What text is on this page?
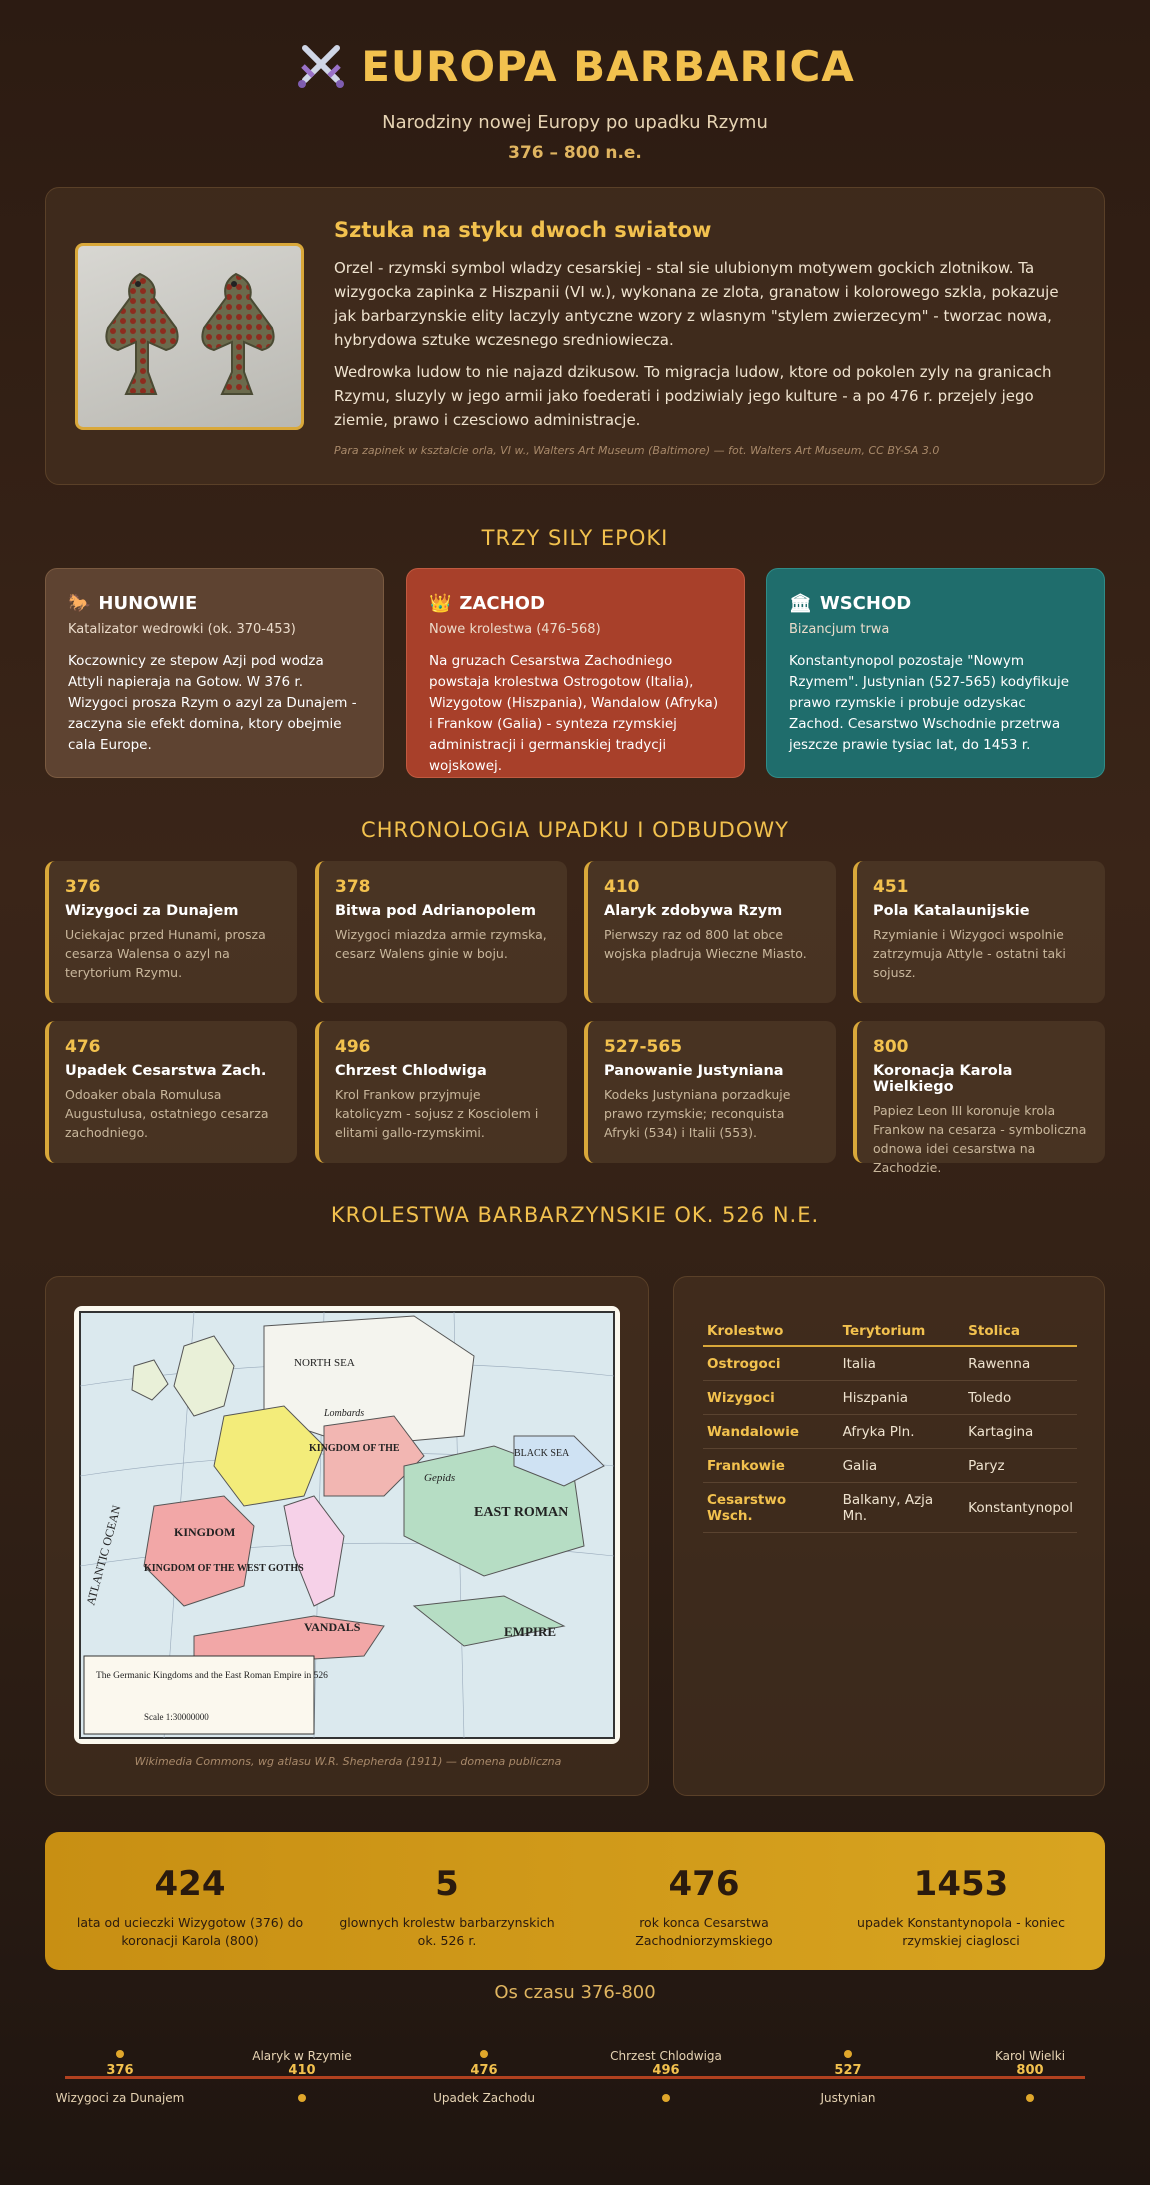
EUROPA BARBARICA
Narodziny nowej Europy po upadku Rzymu
376 – 800 n.e.
Sztuka na styku dwoch swiatow

Orzel - rzymski symbol wladzy cesarskiej - stal sie ulubionym motywem gockich zlotnikow. Ta wizygocka zapinka z Hiszpanii (VI w.), wykonana ze zlota, granatow i kolorowego szkla, pokazuje jak barbarzynskie elity laczyly antyczne wzory z wlasnym "stylem zwierzecym" - tworzac nowa, hybrydowa sztuke wczesnego sredniowiecza.

Wedrowka ludow to nie najazd dzikusow. To migracja ludow, ktore od pokolen zyly na granicach Rzymu, sluzyly w jego armii jako foederati i podziwialy jego kulture - a po 476 r. przejely jego ziemie, prawo i czesciowo administracje.

Para zapinek w ksztalcie orla, VI w., Walters Art Museum (Baltimore) — fot. Walters Art Museum, CC BY-SA 3.0
TRZY SILY EPOKI
🐎 HUNOWIE
Katalizator wedrowki (ok. 370-453)
Koczownicy ze stepow Azji pod wodza Attyli napieraja na Gotow. W 376 r. Wizygoci prosza Rzym o azyl za Dunajem - zaczyna sie efekt domina, ktory obejmie cala Europe.
👑 ZACHOD
Nowe krolestwa (476-568)
Na gruzach Cesarstwa Zachodniego powstaja krolestwa Ostrogotow (Italia), Wizygotow (Hiszpania), Wandalow (Afryka) i Frankow (Galia) - synteza rzymskiej administracji i germanskiej tradycji wojskowej.
🏛 WSCHOD
Bizancjum trwa
Konstantynopol pozostaje "Nowym Rzymem". Justynian (527-565) kodyfikuje prawo rzymskie i probuje odzyskac Zachod. Cesarstwo Wschodnie przetrwa jeszcze prawie tysiac lat, do 1453 r.
CHRONOLOGIA UPADKU I ODBUDOWY
376
Wizygoci za Dunajem
Uciekajac przed Hunami, prosza cesarza Walensa o azyl na terytorium Rzymu.
378
Bitwa pod Adrianopolem
Wizygoci miazdza armie rzymska, cesarz Walens ginie w boju.
410
Alaryk zdobywa Rzym
Pierwszy raz od 800 lat obce wojska pladruja Wieczne Miasto.
451
Pola Katalaunijskie
Rzymianie i Wizygoci wspolnie zatrzymuja Attyle - ostatni taki sojusz.
476
Upadek Cesarstwa Zach.
Odoaker obala Romulusa Augustulusa, ostatniego cesarza zachodniego.
496
Chrzest Chlodwiga
Krol Frankow przyjmuje katolicyzm - sojusz z Kosciolem i elitami gallo-rzymskimi.
527-565
Panowanie Justyniana
Kodeks Justyniana porzadkuje prawo rzymskie; reconquista Afryki (534) i Italii (553).
800
Koronacja Karola Wielkiego
Papiez Leon III koronuje krola Frankow na cesarza - symboliczna odnowa idei cesarstwa na Zachodzie.
KROLESTWA BARBARZYNSKIE OK. 526 N.E.
NORTH SEA
KINGDOM OF THE WEST GOTHS
KINGDOM
KINGDOM OF THE
EAST ROMAN
EMPIRE
VANDALS
BLACK SEA
ATLANTIC OCEAN
Gepids
Lombards
The Germanic Kingdoms and the East Roman Empire in 526
Scale 1:30000000
Wikimedia Commons, wg atlasu W.R. Shepherda (1911) — domena publiczna
Krolestwo	Terytorium	Stolica
Ostrogoci	Italia	Rawenna
Wizygoci	Hiszpania	Toledo
Wandalowie	Afryka Pln.	Kartagina
Frankowie	Galia	Paryz
Cesarstwo Wsch.	Balkany, Azja Mn.	Konstantynopol
424
lata od ucieczki Wizygotow (376) do koronacji Karola (800)
5
glownych krolestw barbarzynskich ok. 526 r.
476
rok konca Cesarstwa Zachodniorzymskiego
1453
upadek Konstantynopola - koniec rzymskiej ciaglosci
Os czasu 376-800
376	410	476	496	527	800
Alaryk w Rzymie	Chrzest Chlodwiga	Karol Wielki
Wizygoci za Dunajem	Upadek Zachodu	Justynian
